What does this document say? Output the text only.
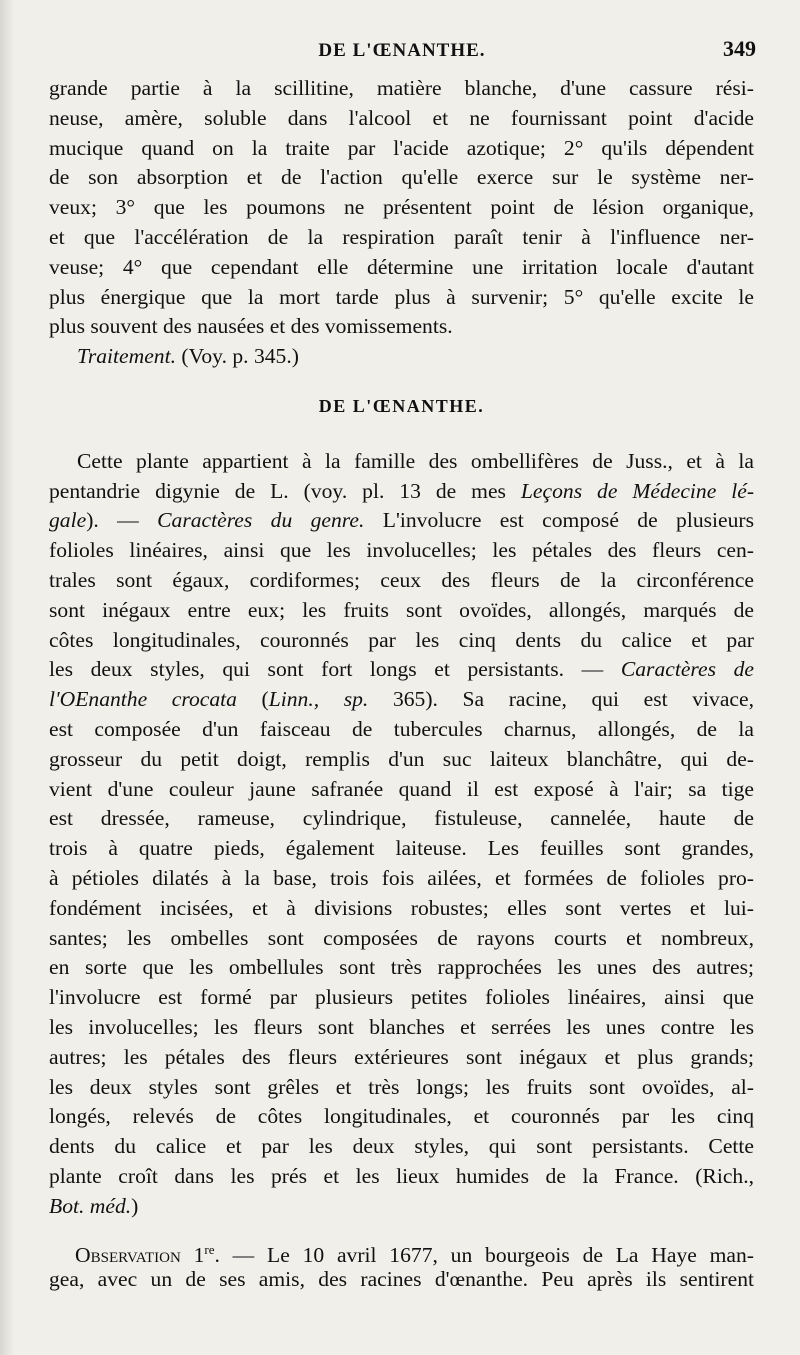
DE L'ŒNANTHE.	349
grande partie à la scillitine, matière blanche, d'une cassure rési-
neuse, amère, soluble dans l'alcool et ne fournissant point d'acide
mucique quand on la traite par l'acide azotique; 2° qu'ils dépendent
de son absorption et de l'action qu'elle exerce sur le système ner-
veux; 3° que les poumons ne présentent point de lésion organique,
et que l'accélération de la respiration paraît tenir à l'influence ner-
veuse; 4° que cependant elle détermine une irritation locale d'autant
plus énergique que la mort tarde plus à survenir; 5° qu'elle excite le
plus souvent des nausées et des vomissements.
Traitement. (Voy. p. 345.)
DE L'ŒNANTHE.
Cette plante appartient à la famille des ombellifères de Juss., et à la
pentandrie digynie de L. (voy. pl. 13 de mes Leçons de Médecine lé-
gale). — Caractères du genre. L'involucre est composé de plusieurs
folioles linéaires, ainsi que les involucelles; les pétales des fleurs cen-
trales sont égaux, cordiformes; ceux des fleurs de la circonférence
sont inégaux entre eux; les fruits sont ovoïdes, allongés, marqués de
côtes longitudinales, couronnés par les cinq dents du calice et par
les deux styles, qui sont fort longs et persistants. — Caractères de
l'OEnanthe crocata (Linn., sp. 365). Sa racine, qui est vivace,
est composée d'un faisceau de tubercules charnus, allongés, de la
grosseur du petit doigt, remplis d'un suc laiteux blanchâtre, qui de-
vient d'une couleur jaune safranée quand il est exposé à l'air; sa tige
est dressée, rameuse, cylindrique, fistuleuse, cannelée, haute de
trois à quatre pieds, également laiteuse. Les feuilles sont grandes,
à pétioles dilatés à la base, trois fois ailées, et formées de folioles pro-
fondément incisées, et à divisions robustes; elles sont vertes et lui-
santes; les ombelles sont composées de rayons courts et nombreux,
en sorte que les ombellules sont très rapprochées les unes des autres;
l'involucre est formé par plusieurs petites folioles linéaires, ainsi que
les involucelles; les fleurs sont blanches et serrées les unes contre les
autres; les pétales des fleurs extérieures sont inégaux et plus grands;
les deux styles sont grêles et très longs; les fruits sont ovoïdes, al-
longés, relevés de côtes longitudinales, et couronnés par les cinq
dents du calice et par les deux styles, qui sont persistants. Cette
plante croît dans les prés et les lieux humides de la France. (Rich.,
Bot. méd.)
Observation 1re. — Le 10 avril 1677, un bourgeois de La Haye man-
gea, avec un de ses amis, des racines d'œnanthe. Peu après ils sentirent
